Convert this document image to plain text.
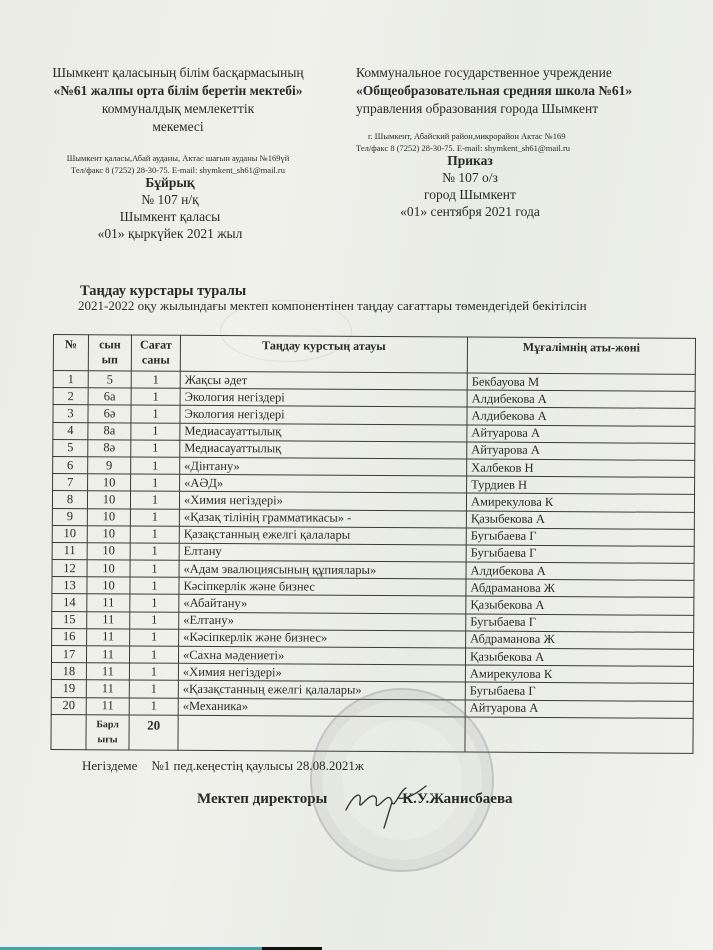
Шымкент қаласының білім басқармасының
«№61 жалпы орта білім беретін мектебі»
коммуналдық мемлекеттік
мекемесі
Шымкент қаласы,Абай ауданы, Актас шағын ауданы №169үй
Тел/факс 8 (7252) 28-30-75. E-mail: shymkent_sh61@mail.ru
Коммунальное государственное учреждение
«Общеобразовательная средняя школа №61»
управления образования города Шымкент
г. Шымкент, Абайский район,микрорайон Актас №169
Тел/факс 8 (7252) 28-30-75. E-mail: shymkent_sh61@mail.ru
Бұйрық
№ 107 н/қ
Шымкент қаласы
«01» қыркүйек 2021 жыл
Приказ
№ 107 о/з
город Шымкент
«01» сентября 2021 года
Таңдау курстары туралы
2021-2022 оқу жылындағы мектеп компонентінен таңдау сағаттары төмендегідей бекітілсін
№	сын ып	Сағат саны	Таңдау курстың атауы	Мұғалімнің аты-жөні
1	5	1	Жақсы әдет	Бекбауова М
2	6а	1	Экология негіздері	Алдибекова А
3	6ә	1	Экология негіздері	Алдибекова А
4	8а	1	Медиасауаттылық	Айтуарова А
5	8ә	1	Медиасауаттылық	Айтуарова А
6	9	1	«Дінтану»	Халбеков Н
7	10	1	«АӘД»	Турдиев Н
8	10	1	«Химия негіздері»	Амирекулова К
9	10	1	«Қазақ тілінің грамматикасы» -	Қазыбекова А
10	10	1	Қазақстанның ежелгі қалалары	Бугыбаева Г
11	10	1	Елтану	Бугыбаева Г
12	10	1	«Адам эвалюциясының құпиялары»	Алдибекова А
13	10	1	Кәсіпкерлік және бизнес	Абдраманова Ж
14	11	1	«Абайтану»	Қазыбекова А
15	11	1	«Елтану»	Бугыбаева Г
16	11	1	«Кәсіпкерлік және бизнес»	Абдраманова Ж
17	11	1	«Сахна мәдениеті»	Қазыбекова А
18	11	1	«Химия негіздері»	Амирекулова К
19	11	1	«Қазақстанның ежелгі қалалары»	Бугыбаева Г
20	11	1	«Механика»	Айтуарова А

	Барл ығы	20		

Негіздеме №1 пед.кеңестің қаулысы 28.08.2021ж
Мектеп директоры	К.У.Жанисбаева
